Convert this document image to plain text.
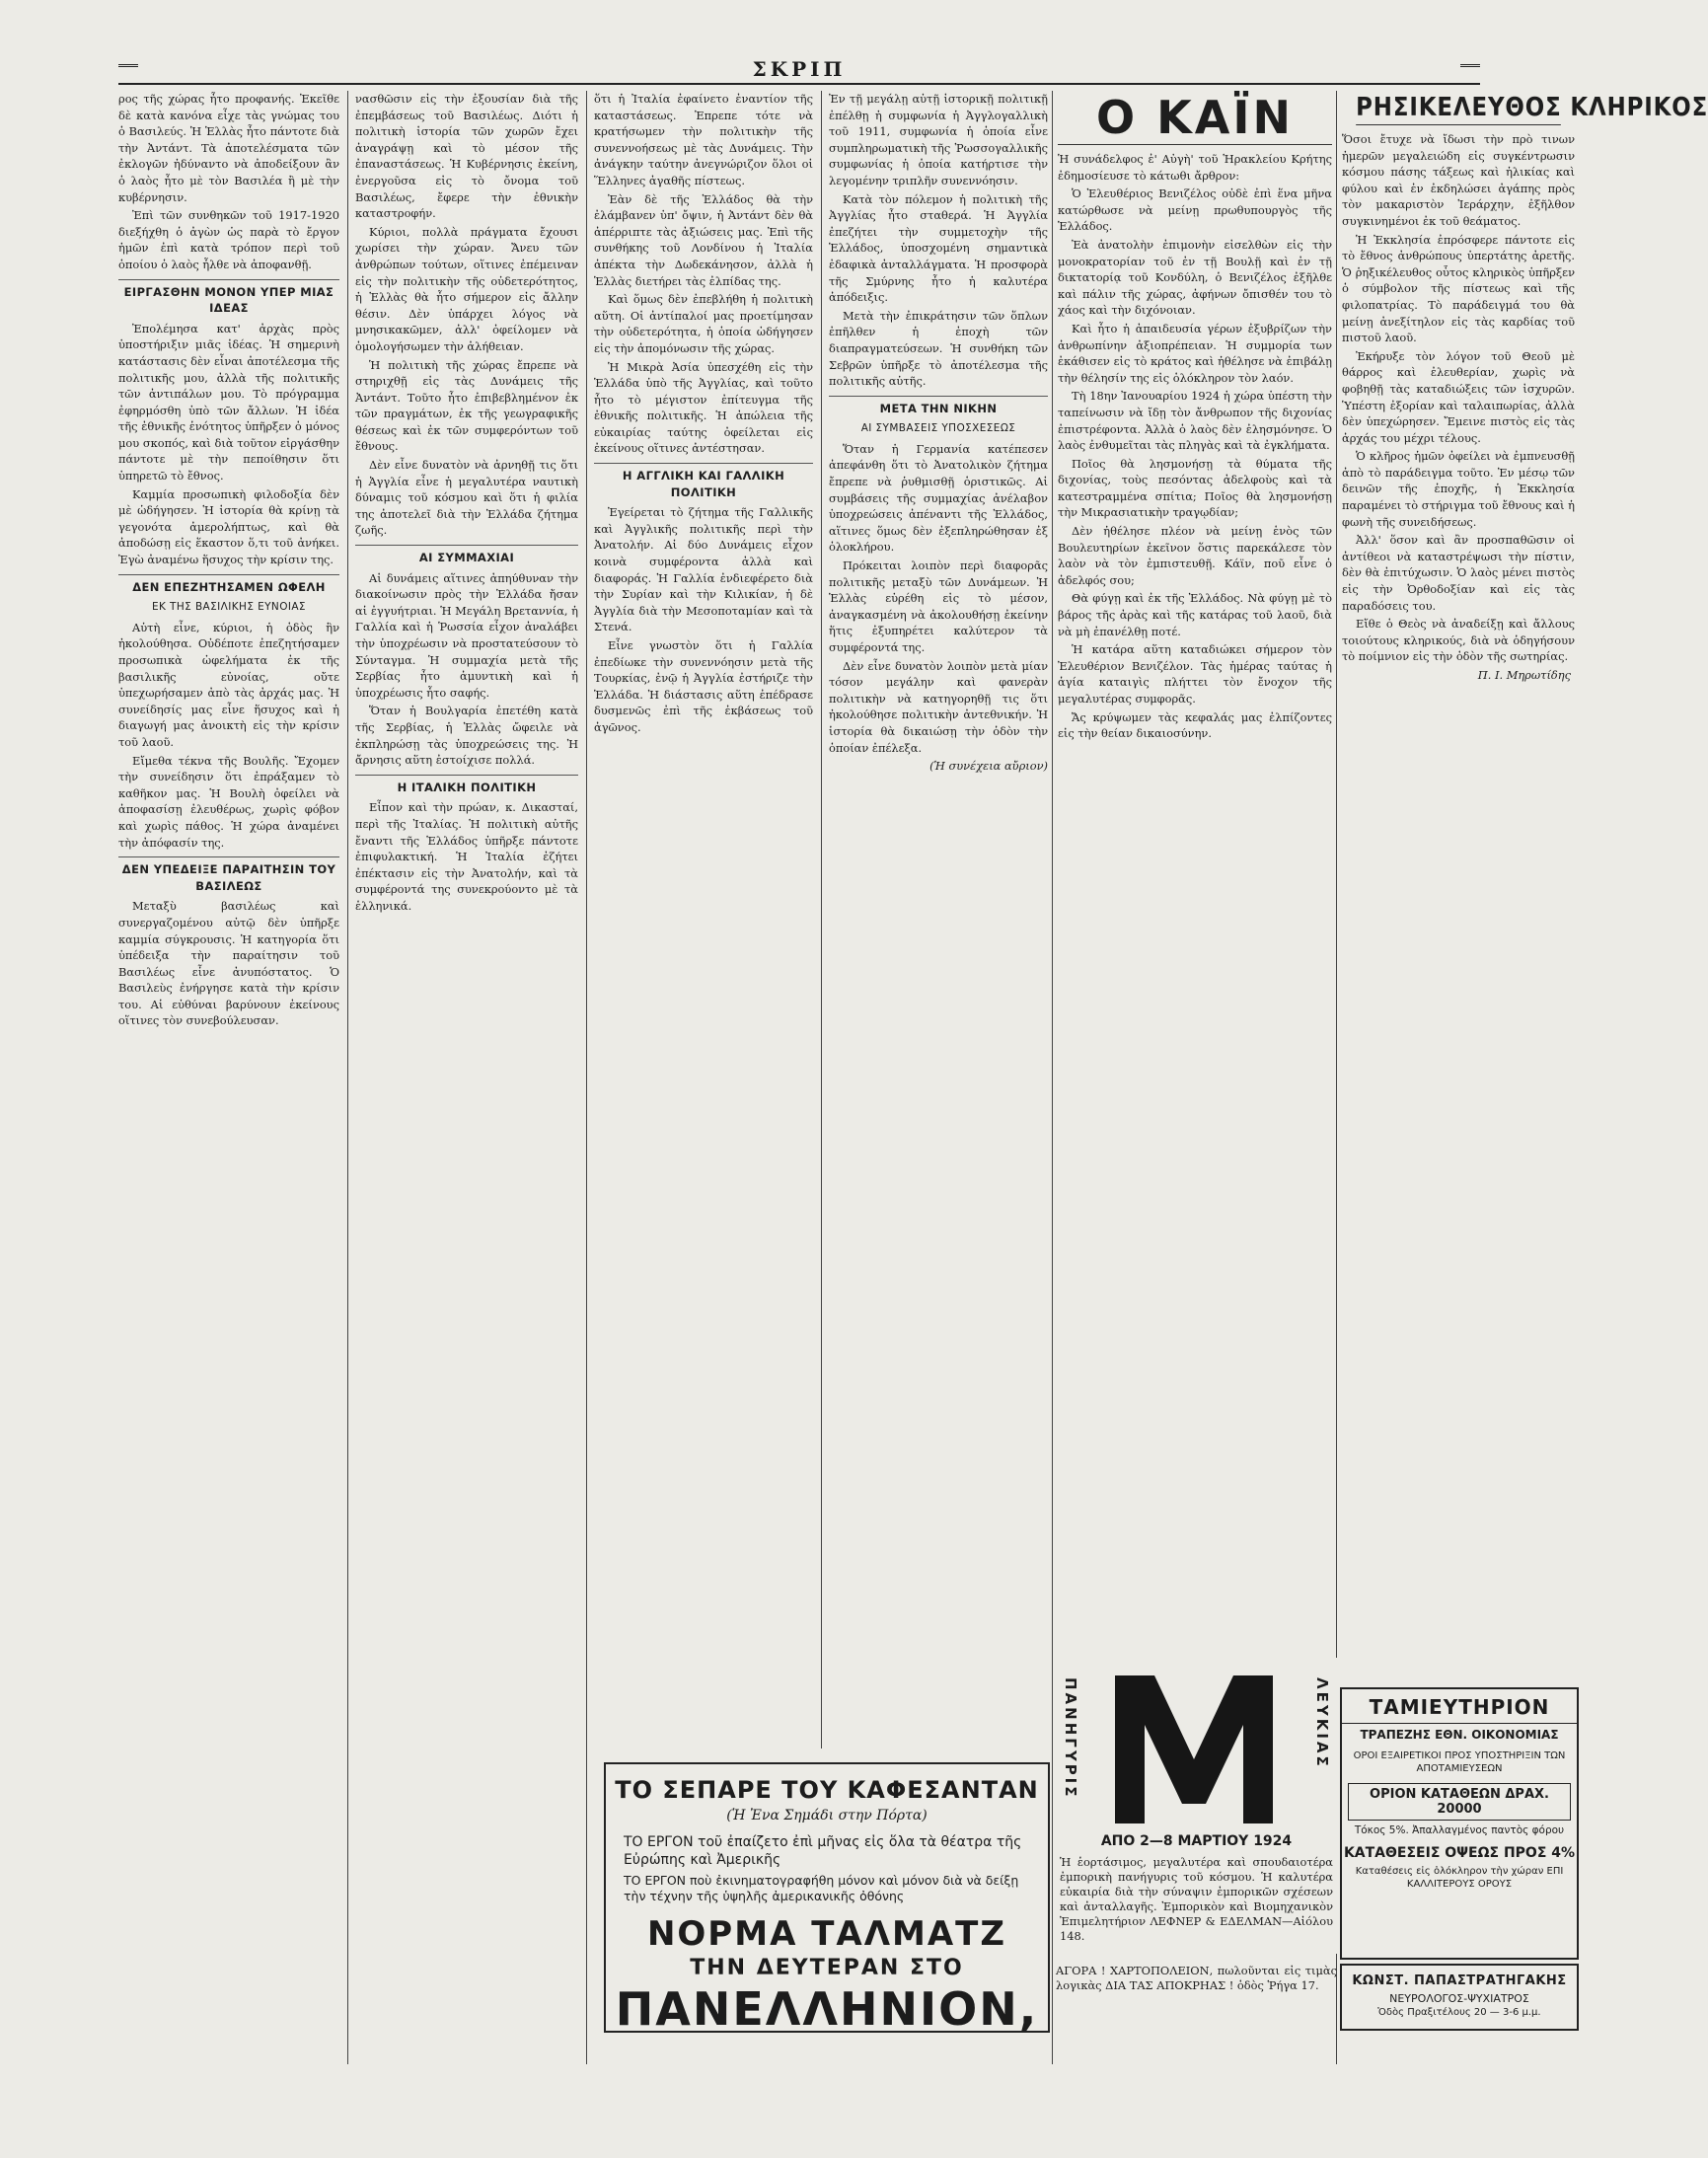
ΣΚΡΙΠ

ρος τῆς χώρας ἦτο προφανής. Ἐκεῖθε δὲ κατὰ κανόνα εἶχε τὰς γνώμας του ὁ Βασιλεύς. Ἡ Ἑλλὰς ἦτο πάντοτε διὰ τὴν Ἀντάντ. Τὰ ἀποτελέσματα τῶν ἐκλογῶν ἠδύναντο νὰ ἀποδείξουν ἂν ὁ λαὸς ἦτο μὲ τὸν Βασιλέα ἢ μὲ τὴν κυβέρνησιν.

Ἐπὶ τῶν συνθηκῶν τοῦ 1917-1920 διεξήχθη ὁ ἀγὼν ὡς παρὰ τὸ ἔργον ἡμῶν ἐπὶ κατὰ τρόπον περὶ τοῦ ὁποίου ὁ λαὸς ἦλθε νὰ ἀποφανθῇ.

ΕΙΡΓΑΣΘΗΝ ΜΟΝΟΝ ΥΠΕΡ ΜΙΑΣ ΙΔΕΑΣ

Ἐπολέμησα κατ' ἀρχὰς πρὸς ὑποστήριξιν μιᾶς ἰδέας. Ἡ σημερινὴ κατάστασις δὲν εἶναι ἀποτέλεσμα τῆς πολιτικῆς μου, ἀλλὰ τῆς πολιτικῆς τῶν ἀντιπάλων μου. Τὸ πρόγραμμα ἐφηρμόσθη ὑπὸ τῶν ἄλλων. Ἡ ἰδέα τῆς ἐθνικῆς ἑνότητος ὑπῆρξεν ὁ μόνος μου σκοπός, καὶ διὰ τοῦτον εἰργάσθην πάντοτε μὲ τὴν πεποίθησιν ὅτι ὑπηρετῶ τὸ ἔθνος.

Καμμία προσωπικὴ φιλοδοξία δὲν μὲ ὡδήγησεν. Ἡ ἱστορία θὰ κρίνῃ τὰ γεγονότα ἀμερολήπτως, καὶ θὰ ἀποδώσῃ εἰς ἕκαστον ὅ,τι τοῦ ἀνήκει. Ἐγὼ ἀναμένω ἥσυχος τὴν κρίσιν της.

ΔΕΝ ΕΠΕΖΗΤΗΣΑΜΕΝ ΩΦΕΛΗ
ΕΚ ΤΗΣ ΒΑΣΙΛΙΚΗΣ ΕΥΝΟΙΑΣ

Αὐτὴ εἶνε, κύριοι, ἡ ὁδὸς ἣν ἠκολούθησα. Οὐδέποτε ἐπεζητήσαμεν προσωπικὰ ὠφελήματα ἐκ τῆς βασιλικῆς εὐνοίας, οὔτε ὑπεχωρήσαμεν ἀπὸ τὰς ἀρχάς μας. Ἡ συνείδησίς μας εἶνε ἥσυχος καὶ ἡ διαγωγή μας ἀνοικτὴ εἰς τὴν κρίσιν τοῦ λαοῦ.

Εἴμεθα τέκνα τῆς Βουλῆς. Ἔχομεν τὴν συνείδησιν ὅτι ἐπράξαμεν τὸ καθῆκον μας. Ἡ Βουλὴ ὀφείλει νὰ ἀποφασίσῃ ἐλευθέρως, χωρὶς φόβον καὶ χωρὶς πάθος. Ἡ χώρα ἀναμένει τὴν ἀπόφασίν της.

ΔΕΝ ΥΠΕΔΕΙΞΕ ΠΑΡΑΙΤΗΣΙΝ ΤΟΥ ΒΑΣΙΛΕΩΣ

Μεταξὺ βασιλέως καὶ συνεργαζομένου αὐτῷ δὲν ὑπῆρξε καμμία σύγκρουσις. Ἡ κατηγορία ὅτι ὑπέδειξα τὴν παραίτησιν τοῦ Βασιλέως εἶνε ἀνυπόστατος. Ὁ Βασιλεὺς ἐνήργησε κατὰ τὴν κρίσιν του. Αἱ εὐθύναι βαρύνουν ἐκείνους οἵτινες τὸν συνεβούλευσαν.

νασθῶσιν εἰς τὴν ἐξουσίαν διὰ τῆς ἐπεμβάσεως τοῦ Βασιλέως. Διότι ἡ πολιτικὴ ἱστορία τῶν χωρῶν ἔχει ἀναγράψῃ καὶ τὸ μέσον τῆς ἐπαναστάσεως. Ἡ Κυβέρνησις ἐκείνη, ἐνεργοῦσα εἰς τὸ ὄνομα τοῦ Βασιλέως, ἔφερε τὴν ἐθνικὴν καταστροφήν.

Κύριοι, πολλὰ πράγματα ἔχουσι χωρίσει τὴν χώραν. Ἄνευ τῶν ἀνθρώπων τούτων, οἵτινες ἐπέμειναν εἰς τὴν πολιτικὴν τῆς οὐδετερότητος, ἡ Ἑλλὰς θὰ ἦτο σήμερον εἰς ἄλλην θέσιν. Δὲν ὑπάρχει λόγος νὰ μνησικακῶμεν, ἀλλ' ὀφείλομεν νὰ ὁμολογήσωμεν τὴν ἀλήθειαν.

Ἡ πολιτικὴ τῆς χώρας ἔπρεπε νὰ στηριχθῇ εἰς τὰς Δυνάμεις τῆς Ἀντάντ. Τοῦτο ἦτο ἐπιβεβλημένον ἐκ τῶν πραγμάτων, ἐκ τῆς γεωγραφικῆς θέσεως καὶ ἐκ τῶν συμφερόντων τοῦ ἔθνους.

Δὲν εἶνε δυνατὸν νὰ ἀρνηθῇ τις ὅτι ἡ Ἀγγλία εἶνε ἡ μεγαλυτέρα ναυτικὴ δύναμις τοῦ κόσμου καὶ ὅτι ἡ φιλία της ἀποτελεῖ διὰ τὴν Ἑλλάδα ζήτημα ζωῆς.

ΑΙ ΣΥΜΜΑΧΙΑΙ

Αἱ δυνάμεις αἵτινες ἀπηύθυναν τὴν διακοίνωσιν πρὸς τὴν Ἑλλάδα ἤσαν αἱ ἐγγυήτριαι. Ἡ Μεγάλη Βρεταννία, ἡ Γαλλία καὶ ἡ Ῥωσσία εἶχον ἀναλάβει τὴν ὑποχρέωσιν νὰ προστατεύσουν τὸ Σύνταγμα. Ἡ συμμαχία μετὰ τῆς Σερβίας ἦτο ἀμυντικὴ καὶ ἡ ὑποχρέωσις ἦτο σαφής.

Ὅταν ἡ Βουλγαρία ἐπετέθη κατὰ τῆς Σερβίας, ἡ Ἑλλὰς ὤφειλε νὰ ἐκπληρώσῃ τὰς ὑποχρεώσεις της. Ἡ ἄρνησις αὕτη ἐστοίχισε πολλά.

Η ΙΤΑΛΙΚΗ ΠΟΛΙΤΙΚΗ

Εἶπον καὶ τὴν πρώαν, κ. Δικασταί, περὶ τῆς Ἰταλίας. Ἡ πολιτικὴ αὐτῆς ἔναντι τῆς Ἑλλάδος ὑπῆρξε πάντοτε ἐπιφυλακτική. Ἡ Ἰταλία ἐζήτει ἐπέκτασιν εἰς τὴν Ἀνατολήν, καὶ τὰ συμφέροντά της συνεκρούοντο μὲ τὰ ἑλληνικά.

ὅτι ἡ Ἰταλία ἐφαίνετο ἐναντίον τῆς καταστάσεως. Ἐπρεπε τότε νὰ κρατήσωμεν τὴν πολιτικὴν τῆς συνεννοήσεως μὲ τὰς Δυνάμεις. Τὴν ἀνάγκην ταύτην ἀνεγνώριζον ὅλοι οἱ Ἕλληνες ἀγαθῆς πίστεως.

Ἐὰν δὲ τῆς Ἑλλάδος θὰ τὴν ἐλάμβανεν ὑπ' ὄψιν, ἡ Ἀντάντ δὲν θὰ ἀπέρριπτε τὰς ἀξιώσεις μας. Ἐπὶ τῆς συνθήκης τοῦ Λονδίνου ἡ Ἰταλία ἀπέκτα τὴν Δωδεκάνησον, ἀλλὰ ἡ Ἑλλὰς διετήρει τὰς ἐλπίδας της.

Καὶ ὅμως δὲν ἐπεβλήθη ἡ πολιτικὴ αὕτη. Οἱ ἀντίπαλοί μας προετίμησαν τὴν οὐδετερότητα, ἡ ὁποία ὡδήγησεν εἰς τὴν ἀπομόνωσιν τῆς χώρας.

Ἡ Μικρὰ Ἀσία ὑπεσχέθη εἰς τὴν Ἑλλάδα ὑπὸ τῆς Ἀγγλίας, καὶ τοῦτο ἦτο τὸ μέγιστον ἐπίτευγμα τῆς ἐθνικῆς πολιτικῆς. Ἡ ἀπώλεια τῆς εὐκαιρίας ταύτης ὀφείλεται εἰς ἐκείνους οἵτινες ἀντέστησαν.

Η ΑΓΓΛΙΚΗ ΚΑΙ ΓΑΛΛΙΚΗ ΠΟΛΙΤΙΚΗ

Ἐγείρεται τὸ ζήτημα τῆς Γαλλικῆς καὶ Ἀγγλικῆς πολιτικῆς περὶ τὴν Ἀνατολήν. Αἱ δύο Δυνάμεις εἶχον κοινὰ συμφέροντα ἀλλὰ καὶ διαφοράς. Ἡ Γαλλία ἐνδιεφέρετο διὰ τὴν Συρίαν καὶ τὴν Κιλικίαν, ἡ δὲ Ἀγγλία διὰ τὴν Μεσοποταμίαν καὶ τὰ Στενά.

Εἶνε γνωστὸν ὅτι ἡ Γαλλία ἐπεδίωκε τὴν συνεννόησιν μετὰ τῆς Τουρκίας, ἐνῷ ἡ Ἀγγλία ἐστήριζε τὴν Ἑλλάδα. Ἡ διάστασις αὕτη ἐπέδρασε δυσμενῶς ἐπὶ τῆς ἐκβάσεως τοῦ ἀγῶνος.

Ἐν τῇ μεγάλῃ αὐτῇ ἱστορικῇ πολιτικῇ ἐπέλθῃ ἡ συμφωνία ἡ Ἀγγλογαλλικὴ τοῦ 1911, συμφωνία ἡ ὁποία εἶνε συμπληρωματικὴ τῆς Ῥωσσογαλλικῆς συμφωνίας ἡ ὁποία κατήρτισε τὴν λεγομένην τριπλῆν συνεννόησιν.

Κατὰ τὸν πόλεμον ἡ πολιτικὴ τῆς Ἀγγλίας ἦτο σταθερά. Ἡ Ἀγγλία ἐπεζήτει τὴν συμμετοχὴν τῆς Ἑλλάδος, ὑποσχομένη σημαντικὰ ἐδαφικὰ ἀνταλλάγματα. Ἡ προσφορὰ τῆς Σμύρνης ἦτο ἡ καλυτέρα ἀπόδειξις.

Μετὰ τὴν ἐπικράτησιν τῶν ὅπλων ἐπῆλθεν ἡ ἐποχὴ τῶν διαπραγματεύσεων. Ἡ συνθήκη τῶν Σεβρῶν ὑπῆρξε τὸ ἀποτέλεσμα τῆς πολιτικῆς αὐτῆς.

ΜΕΤΑ ΤΗΝ ΝΙΚΗΝ
ΑΙ ΣΥΜΒΑΣΕΙΣ ΥΠΟΣΧΕΣΕΩΣ

Ὅταν ἡ Γερμανία κατέπεσεν ἀπεφάνθη ὅτι τὸ Ἀνατολικὸν ζήτημα ἔπρεπε νὰ ῥυθμισθῇ ὁριστικῶς. Αἱ συμβάσεις τῆς συμμαχίας ἀνέλαβον ὑποχρεώσεις ἀπέναντι τῆς Ἑλλάδος, αἵτινες ὅμως δὲν ἐξεπληρώθησαν ἐξ ὁλοκλήρου.

Πρόκειται λοιπὸν περὶ διαφορᾶς πολιτικῆς μεταξὺ τῶν Δυνάμεων. Ἡ Ἑλλὰς εὑρέθη εἰς τὸ μέσον, ἀναγκασμένη νὰ ἀκολουθήσῃ ἐκείνην ἥτις ἐξυπηρέτει καλύτερον τὰ συμφέροντά της.

Δὲν εἶνε δυνατὸν λοιπὸν μετὰ μίαν τόσον μεγάλην καὶ φανερὰν πολιτικὴν νὰ κατηγορηθῇ τις ὅτι ἠκολούθησε πολιτικὴν ἀντεθνικήν. Ἡ ἱστορία θὰ δικαιώσῃ τὴν ὁδὸν τὴν ὁποίαν ἐπέλεξα.

(Ἡ συνέχεια αὔριον)
Ο ΚΑΪΝ

Ἡ συνάδελφος ἐ' Αὐγὴ' τοῦ Ἡρακλείου Κρήτης ἐδημοσίευσε τὸ κάτωθι ἄρθρον:

Ὁ Ἐλευθέριος Βενιζέλος οὐδὲ ἐπὶ ἕνα μῆνα κατώρθωσε νὰ μείνῃ πρωθυπουργὸς τῆς Ἑλλάδος.

Ἐὰ ἀνατολὴν ἐπιμονὴν εἰσελθὼν εἰς τὴν μονοκρατορίαν τοῦ ἐν τῇ Βουλῇ καὶ ἐν τῇ δικτατορίᾳ τοῦ Κονδύλη, ὁ Βενιζέλος ἐξῆλθε καὶ πάλιν τῆς χώρας, ἀφήνων ὄπισθέν του τὸ χάος καὶ τὴν διχόνοιαν.

Καὶ ἦτο ἡ ἀπαιδευσία γέρων ἐξυβρίζων τὴν ἀνθρωπίνην ἀξιοπρέπειαν. Ἡ συμμορία των ἐκάθισεν εἰς τὸ κράτος καὶ ἠθέλησε νὰ ἐπιβάλῃ τὴν θέλησίν της εἰς ὁλόκληρον τὸν λαόν.

Τὴ 18ην Ἰανουαρίου 1924 ἡ χώρα ὑπέστη τὴν ταπείνωσιν νὰ ἴδῃ τὸν ἄνθρωπον τῆς διχονίας ἐπιστρέφοντα. Ἀλλὰ ὁ λαὸς δὲν ἐλησμόνησε. Ὁ λαὸς ἐνθυμεῖται τὰς πληγὰς καὶ τὰ ἐγκλήματα.

Ποῖος θὰ λησμονήσῃ τὰ θύματα τῆς διχονίας, τοὺς πεσόντας ἀδελφοὺς καὶ τὰ κατεστραμμένα σπίτια; Ποῖος θὰ λησμονήσῃ τὴν Μικρασιατικὴν τραγῳδίαν;

Δὲν ἠθέλησε πλέον νὰ μείνῃ ἑνὸς τῶν Βουλευτηρίων ἐκεῖνον ὅστις παρεκάλεσε τὸν λαὸν νὰ τὸν ἐμπιστευθῇ. Κάϊν, ποῦ εἶνε ὁ ἀδελφός σου;

Θὰ φύγῃ καὶ ἐκ τῆς Ἑλλάδος. Νὰ φύγῃ μὲ τὸ βάρος τῆς ἀρὰς καὶ τῆς κατάρας τοῦ λαοῦ, διὰ νὰ μὴ ἐπανέλθῃ ποτέ.

Ἡ κατάρα αὕτη καταδιώκει σήμερον τὸν Ἐλευθέριον Βενιζέλον. Τὰς ἡμέρας ταύτας ἡ ἁγία καταιγὶς πλήττει τὸν ἔνοχον τῆς μεγαλυτέρας συμφορᾶς.

Ἄς κρύψωμεν τὰς κεφαλάς μας ἐλπίζοντες εἰς τὴν θείαν δικαιοσύνην.

ΡΗΣΙΚΕΛΕΥΘΟΣ ΚΛΗΡΙΚΟΣ

Ὅσοι ἔτυχε νὰ ἴδωσι τὴν πρὸ τινων ἡμερῶν μεγαλειώδη εἰς συγκέντρωσιν κόσμου πάσης τάξεως καὶ ἡλικίας καὶ φύλου καὶ ἐν ἐκδηλώσει ἀγάπης πρὸς τὸν μακαριστὸν Ἱεράρχην, ἐξῆλθον συγκινημένοι ἐκ τοῦ θεάματος.

Ἡ Ἐκκλησία ἐπρόσφερε πάντοτε εἰς τὸ ἔθνος ἀνθρώπους ὑπερτάτης ἀρετῆς. Ὁ ῥηξικέλευθος οὗτος κληρικὸς ὑπῆρξεν ὁ σύμβολον τῆς πίστεως καὶ τῆς φιλοπατρίας. Τὸ παράδειγμά του θὰ μείνῃ ἀνεξίτηλον εἰς τὰς καρδίας τοῦ πιστοῦ λαοῦ.

Ἐκήρυξε τὸν λόγον τοῦ Θεοῦ μὲ θάρρος καὶ ἐλευθερίαν, χωρὶς νὰ φοβηθῇ τὰς καταδιώξεις τῶν ἰσχυρῶν. Ὑπέστη ἐξορίαν καὶ ταλαιπωρίας, ἀλλὰ δὲν ὑπεχώρησεν. Ἔμεινε πιστὸς εἰς τὰς ἀρχάς του μέχρι τέλους.

Ὁ κλῆρος ἡμῶν ὀφείλει νὰ ἐμπνευσθῇ ἀπὸ τὸ παράδειγμα τοῦτο. Ἐν μέσῳ τῶν δεινῶν τῆς ἐποχῆς, ἡ Ἐκκλησία παραμένει τὸ στήριγμα τοῦ ἔθνους καὶ ἡ φωνὴ τῆς συνειδήσεως.

Ἀλλ' ὅσον καὶ ἂν προσπαθῶσιν οἱ ἀντίθεοι νὰ καταστρέψωσι τὴν πίστιν, δὲν θὰ ἐπιτύχωσιν. Ὁ λαὸς μένει πιστὸς εἰς τὴν Ὀρθοδοξίαν καὶ εἰς τὰς παραδόσεις του.

Εἴθε ὁ Θεὸς νὰ ἀναδείξῃ καὶ ἄλλους τοιούτους κληρικούς, διὰ νὰ ὁδηγήσουν τὸ ποίμνιον εἰς τὴν ὁδὸν τῆς σωτηρίας.

Π. Ι. Μηρωτίδης
ΤΟ ΣΕΠΑΡΕ ΤΟΥ ΚΑΦΕΣΑΝΤΑΝ
(Ἡ Ἐνα Σημάδι στην Πόρτα)
ΤΟ ΕΡΓΟΝ τοῦ ἐπαίζετο ἐπὶ μῆνας εἰς ὅλα τὰ θέατρα τῆς Εὐρώπης καὶ Ἀμερικῆς
ΤΟ ΕΡΓΟΝ ποὺ ἐκινηματογραφήθη μόνον καὶ μόνον διὰ νὰ δείξῃ τὴν τέχνην τῆς ὑψηλῆς ἀμερικανικῆς ὀθόνης
ΝΟΡΜΑ ΤΑΛΜΑΤΖ
ΤΗΝ ΔΕΥΤΕΡΑΝ ΣΤΟ
ΠΑΝΕΛΛΗΝΙΟΝ,
ΠΑΝΗΓΥΡΙΣ	ΛΕΥΚΙΑΣ
ΑΠΟ 2—8 ΜΑΡΤΙΟΥ 1924
Ἡ ἑορτάσιμος, μεγαλυτέρα καὶ σπουδαιοτέρα ἐμπορικὴ πανήγυρις τοῦ κόσμου. Ἡ καλυτέρα εὐκαιρία διὰ τὴν σύναψιν ἐμπορικῶν σχέσεων καὶ ἀνταλλαγῆς. Ἐμπορικὸν καὶ Βιομηχανικὸν Ἐπιμελητήριον ΛΕΦΝΕΡ & ΕΔΕΛΜΑΝ—Αἰόλου 148.
ΑΓΟΡΑ ! ΧΑΡΤΟΠΟΛΕΙΟΝ, πωλοῦνται εἰς τιμὰς λογικὰς ΔΙΑ ΤΑΣ ΑΠΟΚΡΗΑΣ ! ὁδὸς Ῥήγα 17.
ΤΑΜΙΕΥΤΗΡΙΟΝ
ΤΡΑΠΕΖΗΣ ΕΘΝ. ΟΙΚΟΝΟΜΙΑΣ
ΟΡΟΙ ΕΞΑΙΡΕΤΙΚΟΙ ΠΡΟΣ ΥΠΟΣΤΗΡΙΞΙΝ ΤΩΝ ΑΠΟΤΑΜΙΕΥΣΕΩΝ
ΟΡΙΟΝ ΚΑΤΑΘΕΩΝ ΔΡΑΧ. 20000
Τόκος 5%. Ἀπαλλαγμένος παντὸς φόρου
ΚΑΤΑΘΕΣΕΙΣ ΟΨΕΩΣ ΠΡΟΣ 4%
Καταθέσεις εἰς ὁλόκληρον τὴν χώραν ΕΠΙ ΚΑΛΛΙΤΕΡΟΥΣ ΟΡΟΥΣ
ΚΩΝΣΤ. ΠΑΠΑΣΤΡΑΤΗΓΑΚΗΣ
ΝΕΥΡΟΛΟΓΟΣ-ΨΥΧΙΑΤΡΟΣ
Ὁδὸς Πραξιτέλους 20 — 3-6 μ.μ.
